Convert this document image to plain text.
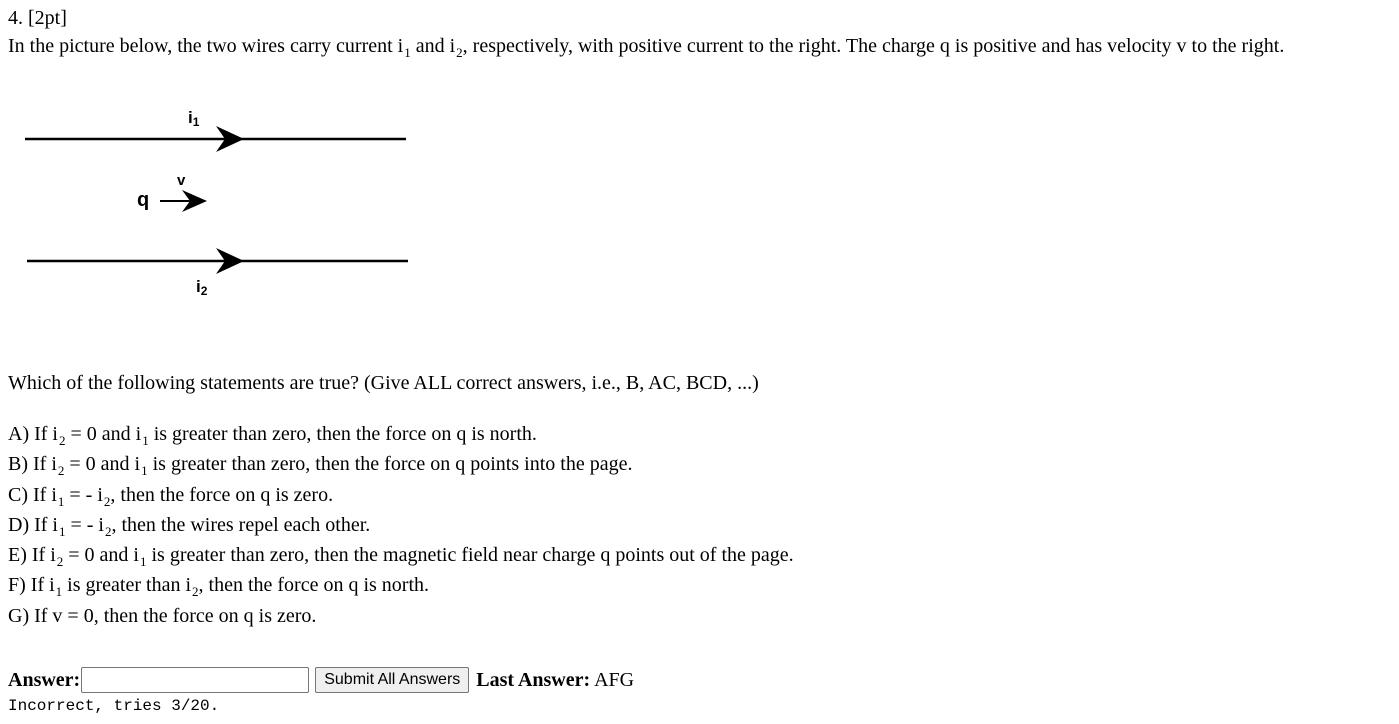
4. [2pt]
In the picture below, the two wires carry current $i_1$ and $i_2$, respectively, with positive current to the right. The charge q is positive and has velocity v to the right.
i1
q
v
i2
Which of the following statements are true? (Give ALL correct answers, i.e., B, AC, BCD, ...)
A) If $i_2 = 0$ and $i_1$ is greater than zero, then the force on q is north.
B) If $i_2 = 0$ and $i_1$ is greater than zero, then the force on q points into the page.
C) If $i_1$ = - $i_2$, then the force on q is zero.
D) If $i_1$ = - $i_2$, then the wires repel each other.
E) If $i_2 = 0$ and $i_1$ is greater than zero, then the magnetic field near charge q points out of the page.
F) If $i_1$ is greater than $i_2$, then the force on q is north.
G) If v = 0, then the force on q is zero.
Answer:	Submit All Answers Last Answer: AFG
Incorrect, tries 3/20.
